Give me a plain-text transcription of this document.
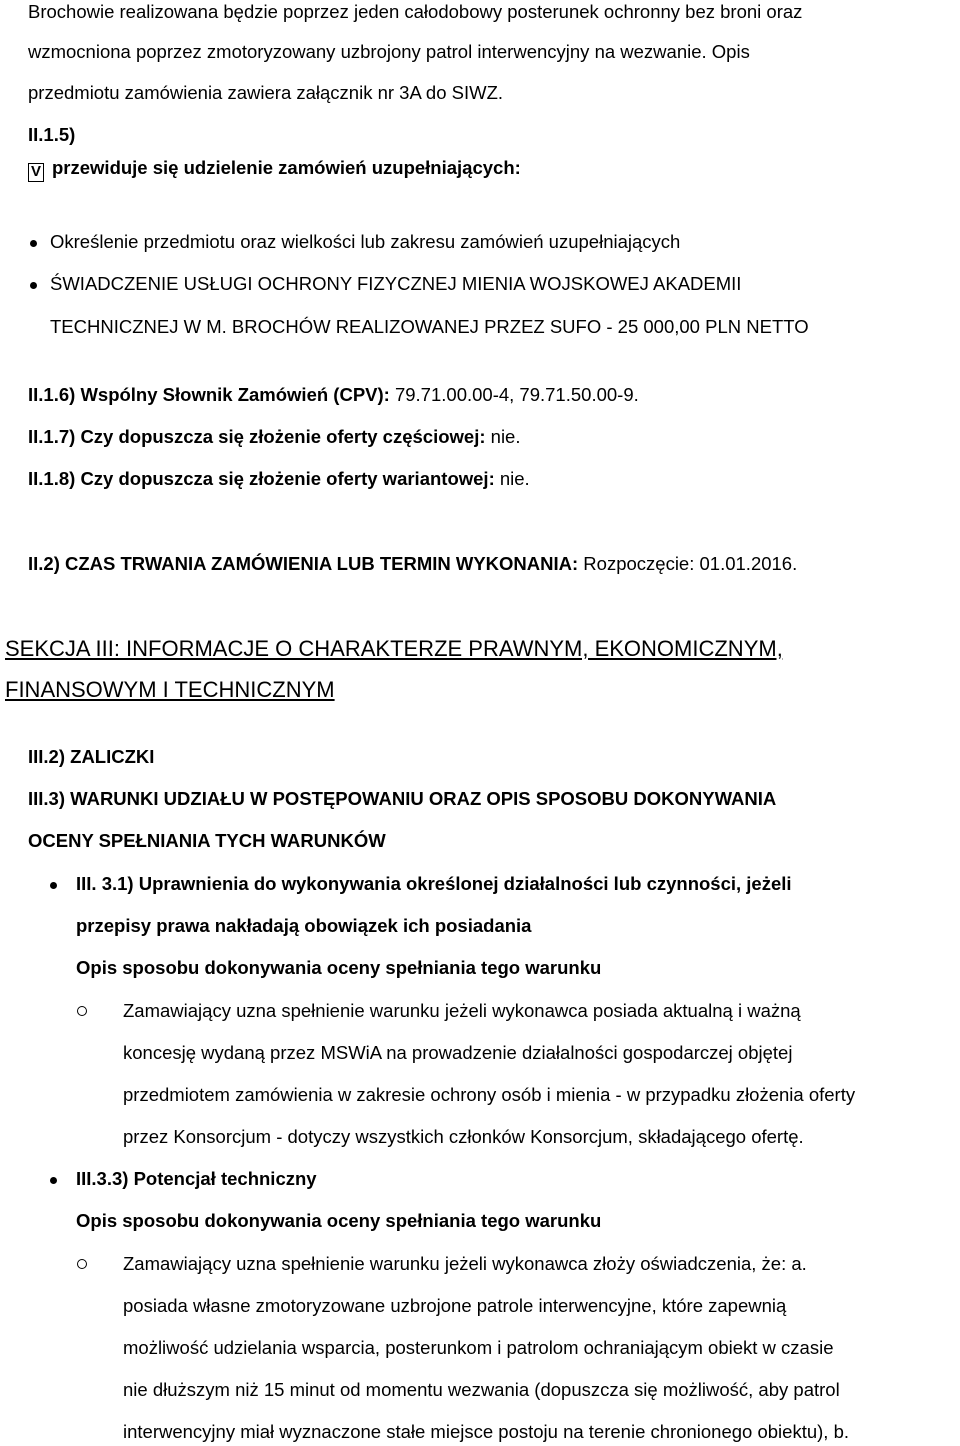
Brochowie realizowana będzie poprzez jeden całodobowy posterunek ochronny bez broni oraz
wzmocniona poprzez zmotoryzowany uzbrojony patrol interwencyjny na wezwanie. Opis
przedmiotu zamówienia zawiera załącznik nr 3A do SIWZ.
II.1.5)
V przewiduje się udzielenie zamówień uzupełniających:
Określenie przedmiotu oraz wielkości lub zakresu zamówień uzupełniających
ŚWIADCZENIE USŁUGI OCHRONY FIZYCZNEJ MIENIA WOJSKOWEJ AKADEMII
TECHNICZNEJ W M. BROCHÓW REALIZOWANEJ PRZEZ SUFO - 25 000,00 PLN NETTO
II.1.6) Wspólny Słownik Zamówień (CPV): 79.71.00.00-4, 79.71.50.00-9.
II.1.7) Czy dopuszcza się złożenie oferty częściowej: nie.
II.1.8) Czy dopuszcza się złożenie oferty wariantowej: nie.
II.2) CZAS TRWANIA ZAMÓWIENIA LUB TERMIN WYKONANIA: Rozpoczęcie: 01.01.2016.
SEKCJA III: INFORMACJE O CHARAKTERZE PRAWNYM, EKONOMICZNYM,
FINANSOWYM I TECHNICZNYM
III.2) ZALICZKI
III.3) WARUNKI UDZIAŁU W POSTĘPOWANIU ORAZ OPIS SPOSOBU DOKONYWANIA
OCENY SPEŁNIANIA TYCH WARUNKÓW
III. 3.1) Uprawnienia do wykonywania określonej działalności lub czynności, jeżeli
przepisy prawa nakładają obowiązek ich posiadania
Opis sposobu dokonywania oceny spełniania tego warunku
Zamawiający uzna spełnienie warunku jeżeli wykonawca posiada aktualną i ważną
koncesję wydaną przez MSWiA na prowadzenie działalności gospodarczej objętej
przedmiotem zamówienia w zakresie ochrony osób i mienia - w przypadku złożenia oferty
przez Konsorcjum - dotyczy wszystkich członków Konsorcjum, składającego ofertę.
III.3.3) Potencjał techniczny
Opis sposobu dokonywania oceny spełniania tego warunku
Zamawiający uzna spełnienie warunku jeżeli wykonawca złoży oświadczenia, że: a.
posiada własne zmotoryzowane uzbrojone patrole interwencyjne, które zapewnią
możliwość udzielania wsparcia, posterunkom i patrolom ochraniającym obiekt w czasie
nie dłuższym niż 15 minut od momentu wezwania (dopuszcza się możliwość, aby patrol
interwencyjny miał wyznaczone stałe miejsce postoju na terenie chronionego obiektu), b.
